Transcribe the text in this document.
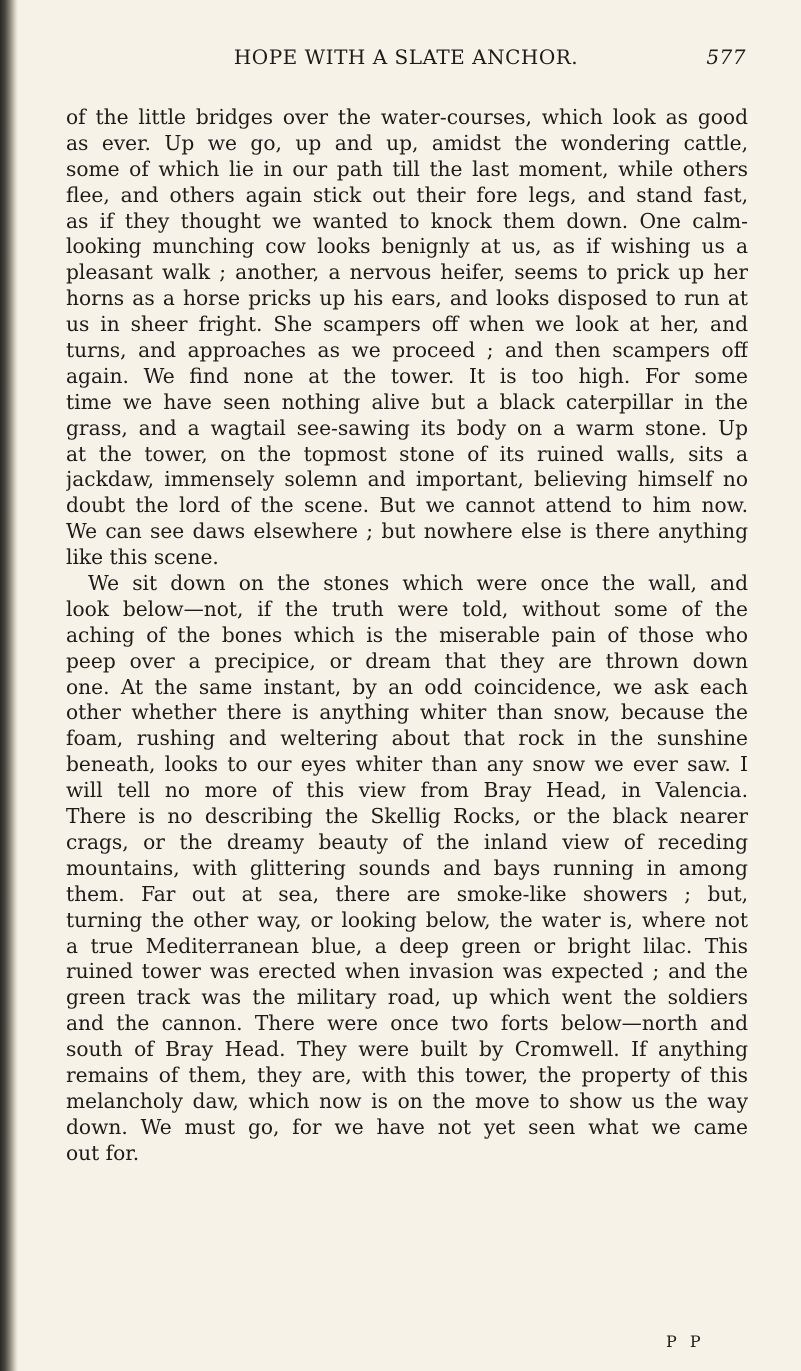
HOPE WITH A SLATE ANCHOR.	577
of the little bridges over the water-courses, which look as good
as ever. Up we go, up and up, amidst the wondering cattle,
some of which lie in our path till the last moment, while others
flee, and others again stick out their fore legs, and stand fast,
as if they thought we wanted to knock them down. One calm-
looking munching cow looks benignly at us, as if wishing us a
pleasant walk ; another, a nervous heifer, seems to prick up her
horns as a horse pricks up his ears, and looks disposed to run at
us in sheer fright. She scampers off when we look at her, and
turns, and approaches as we proceed ; and then scampers off
again. We find none at the tower. It is too high. For some
time we have seen nothing alive but a black caterpillar in the
grass, and a wagtail see-sawing its body on a warm stone. Up
at the tower, on the topmost stone of its ruined walls, sits a
jackdaw, immensely solemn and important, believing himself no
doubt the lord of the scene. But we cannot attend to him now.
We can see daws elsewhere ; but nowhere else is there anything
like this scene.
We sit down on the stones which were once the wall, and
look below—not, if the truth were told, without some of the
aching of the bones which is the miserable pain of those who
peep over a precipice, or dream that they are thrown down
one. At the same instant, by an odd coincidence, we ask each
other whether there is anything whiter than snow, because the
foam, rushing and weltering about that rock in the sunshine
beneath, looks to our eyes whiter than any snow we ever saw. I
will tell no more of this view from Bray Head, in Valencia.
There is no describing the Skellig Rocks, or the black nearer
crags, or the dreamy beauty of the inland view of receding
mountains, with glittering sounds and bays running in among
them. Far out at sea, there are smoke-like showers ; but,
turning the other way, or looking below, the water is, where not
a true Mediterranean blue, a deep green or bright lilac. This
ruined tower was erected when invasion was expected ; and the
green track was the military road, up which went the soldiers
and the cannon. There were once two forts below—north and
south of Bray Head. They were built by Cromwell. If anything
remains of them, they are, with this tower, the property of this
melancholy daw, which now is on the move to show us the way
down. We must go, for we have not yet seen what we came
out for.
P P
